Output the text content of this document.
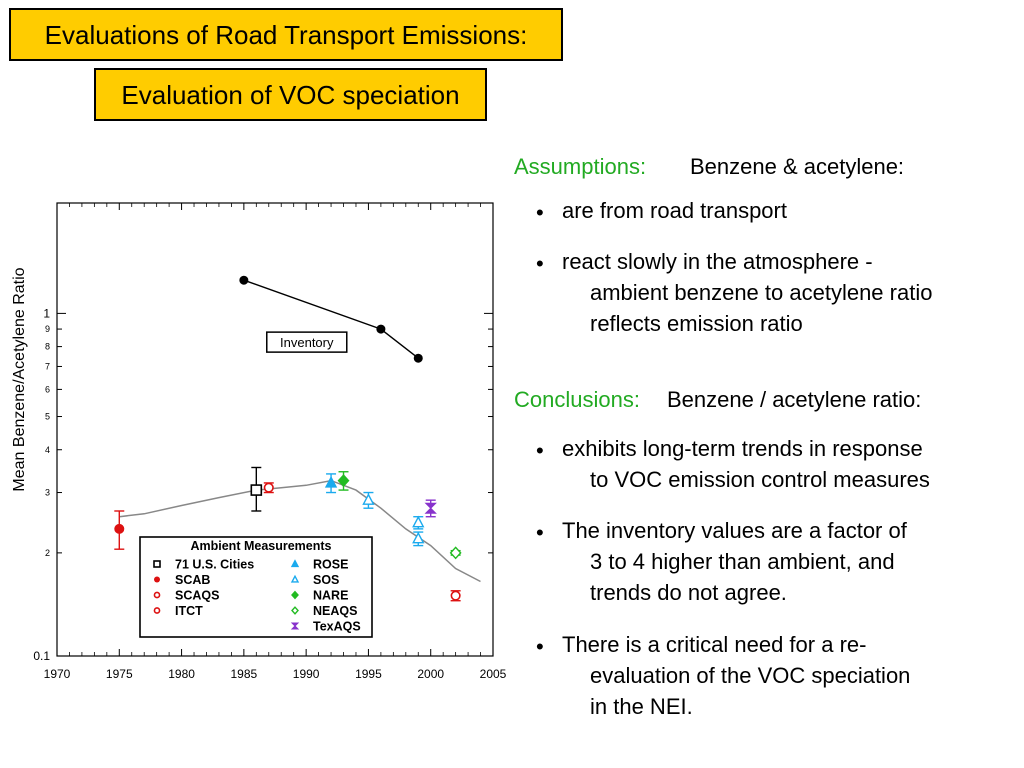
Evaluations of Road Transport Emissions:
Evaluation of VOC speciation
Assumptions: Benzene & acetylene:
• are from road transport
• react slowly in the atmosphere -
ambient benzene to acetylene ratio
reflects emission ratio
Conclusions: Benzene / acetylene ratio:
• exhibits long-term trends in response
to VOC emission control measures
• The inventory values are a factor of
3 to 4 higher than ambient, and
trends do not agree.
• There is a critical need for a re-
evaluation of the VOC speciation
in the NEI.
1970	1975	1980	1985	1990	1995	2000	2005
1
9
8
7
6
5
4
3
2
0.1
Inventory
Ambient Measurements
71 U.S. Cities
SCAB
SCAQS
ITCT
ROSE
SOS
NARE
NEAQS
TexAQS
Mean Benzene/Acetylene Ratio
